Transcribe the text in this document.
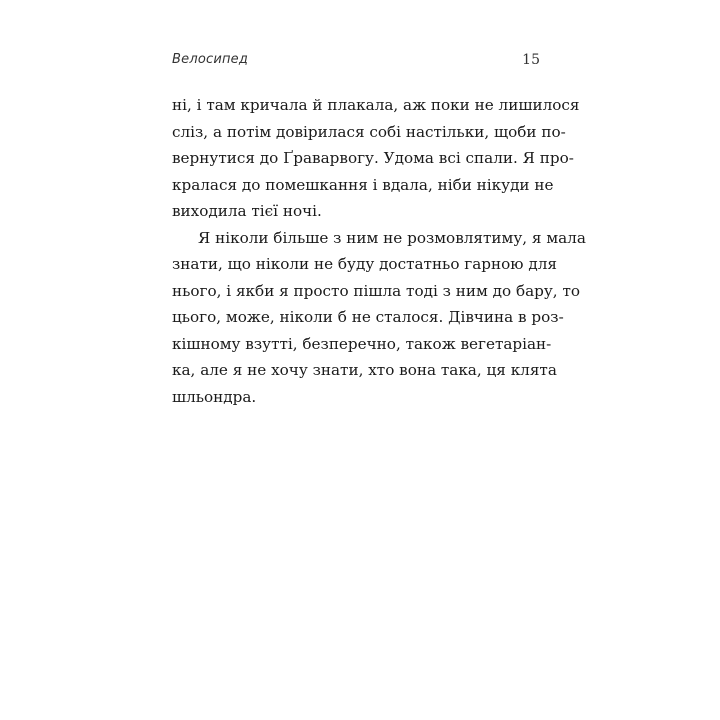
Велосипед	15
ні, і там кричала й плакала, аж поки не лишилося
сліз, а потім довірилася собі настільки, щоби по-
вернутися до Ґраварвогу. Удома всі спали. Я про-
кралася до помешкання і вдала, ніби нікуди не
виходила тієї ночі.
Я ніколи більше з ним не розмовлятиму, я мала
знати, що ніколи не буду достатньо гарною для
нього, і якби я просто пішла тоді з ним до бару, то
цього, може, ніколи б не сталося. Дівчина в роз-
кішному взутті, безперечно, також вегетаріан-
ка, але я не хочу знати, хто вона така, ця клята
шльондра.
